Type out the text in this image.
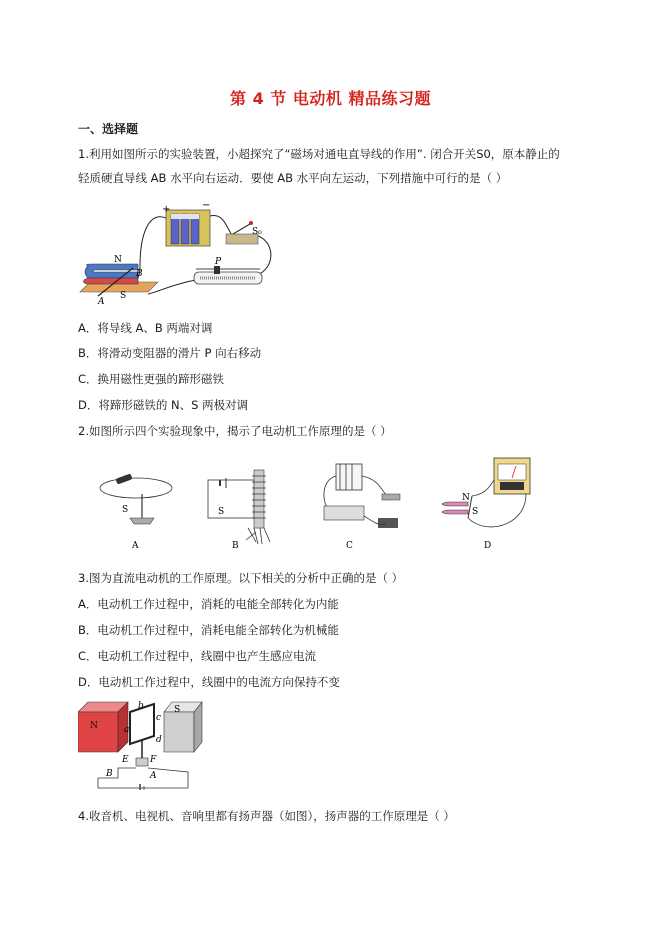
第 4 节 电动机 精品练习题
一、选择题
1.利用如图所示的实验装置，小超探究了“磁场对通电直导线的作用”. 闭合开关S0，原本静止的
轻质硬直导线 AB 水平向右运动．要使 AB 水平向左运动，下列措施中可行的是（ ）
+	−
S₀
P
N
B
A
S
A．将导线 A、B 两端对调
B．将滑动变阻器的滑片 P 向右移动
C．换用磁性更强的蹄形磁铁
D．将蹄形磁铁的 N、S 两极对调
2.如图所示四个实验现象中，揭示了电动机工作原理的是（ ）
S
A
S
B	C
N
S
D
3.图为直流电动机的工作原理。以下相关的分析中正确的是（ ）
A．电动机工作过程中，消耗的电能全部转化为内能
B．电动机工作过程中，消耗电能全部转化为机械能
C．电动机工作过程中，线圈中也产生感应电流
D．电动机工作过程中，线圈中的电流方向保持不变
N
S
a
b
c
d
E F
B	A
4.收音机、电视机、音响里都有扬声器（如图），扬声器的工作原理是（ ）
